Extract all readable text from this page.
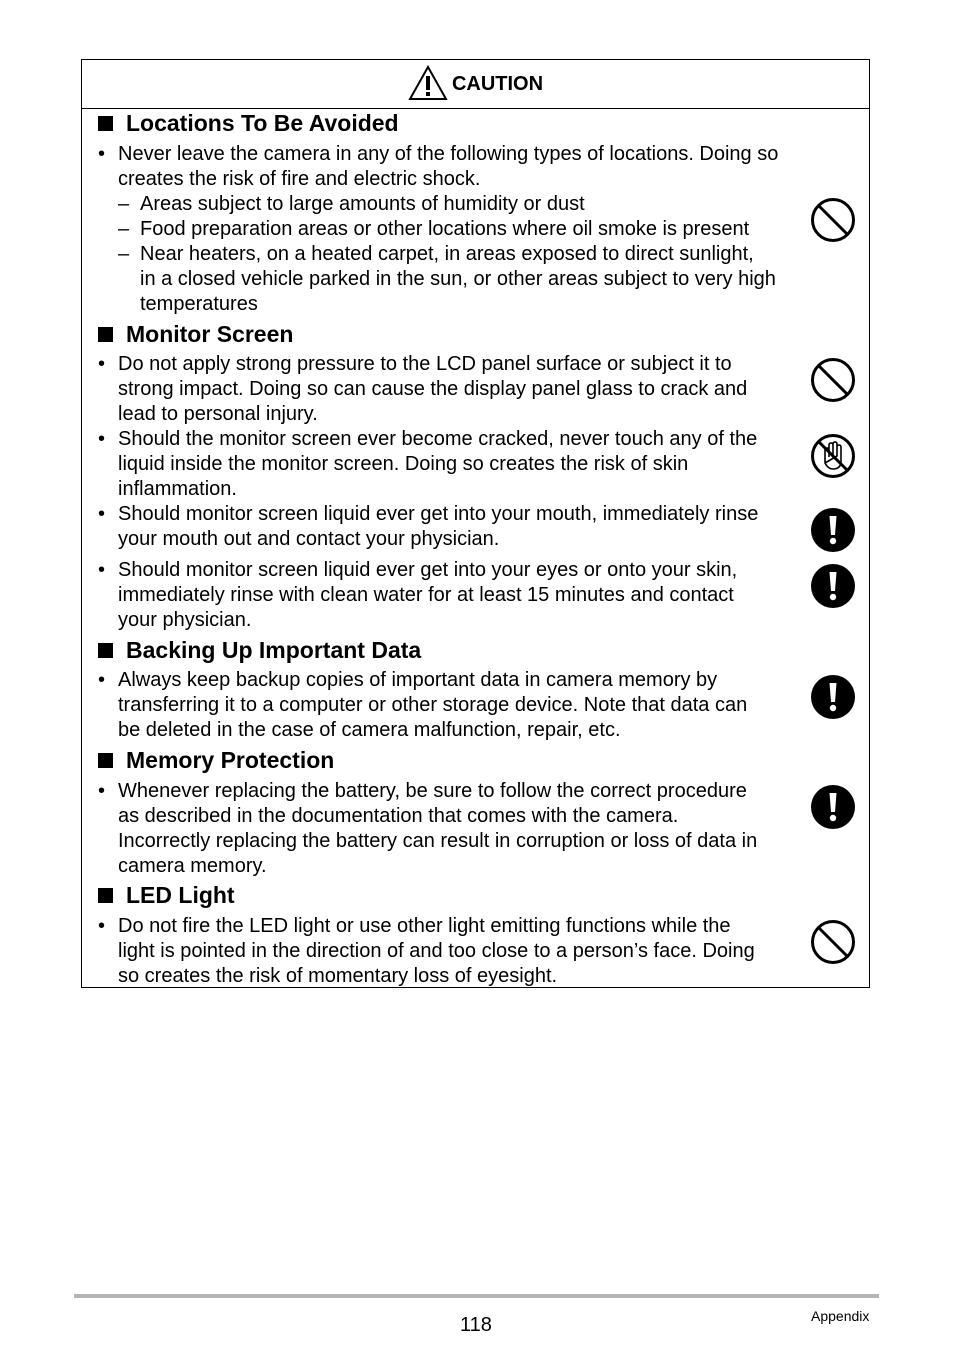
CAUTION
Locations To Be Avoided
• Never leave the camera in any of the following types of locations. Doing so
creates the risk of fire and electric shock.
– Areas subject to large amounts of humidity or dust
– Food preparation areas or other locations where oil smoke is present
– Near heaters, on a heated carpet, in areas exposed to direct sunlight,
in a closed vehicle parked in the sun, or other areas subject to very high
temperatures
Monitor Screen
• Do not apply strong pressure to the LCD panel surface or subject it to
strong impact. Doing so can cause the display panel glass to crack and
lead to personal injury.
• Should the monitor screen ever become cracked, never touch any of the
liquid inside the monitor screen. Doing so creates the risk of skin
inflammation.
• Should monitor screen liquid ever get into your mouth, immediately rinse
your mouth out and contact your physician.
• Should monitor screen liquid ever get into your eyes or onto your skin,
immediately rinse with clean water for at least 15 minutes and contact
your physician.
Backing Up Important Data
• Always keep backup copies of important data in camera memory by
transferring it to a computer or other storage device. Note that data can
be deleted in the case of camera malfunction, repair, etc.
Memory Protection
• Whenever replacing the battery, be sure to follow the correct procedure
as described in the documentation that comes with the camera.
Incorrectly replacing the battery can result in corruption or loss of data in
camera memory.
LED Light
• Do not fire the LED light or use other light emitting functions while the
light is pointed in the direction of and too close to a person’s face. Doing
so creates the risk of momentary loss of eyesight.
118	Appendix
